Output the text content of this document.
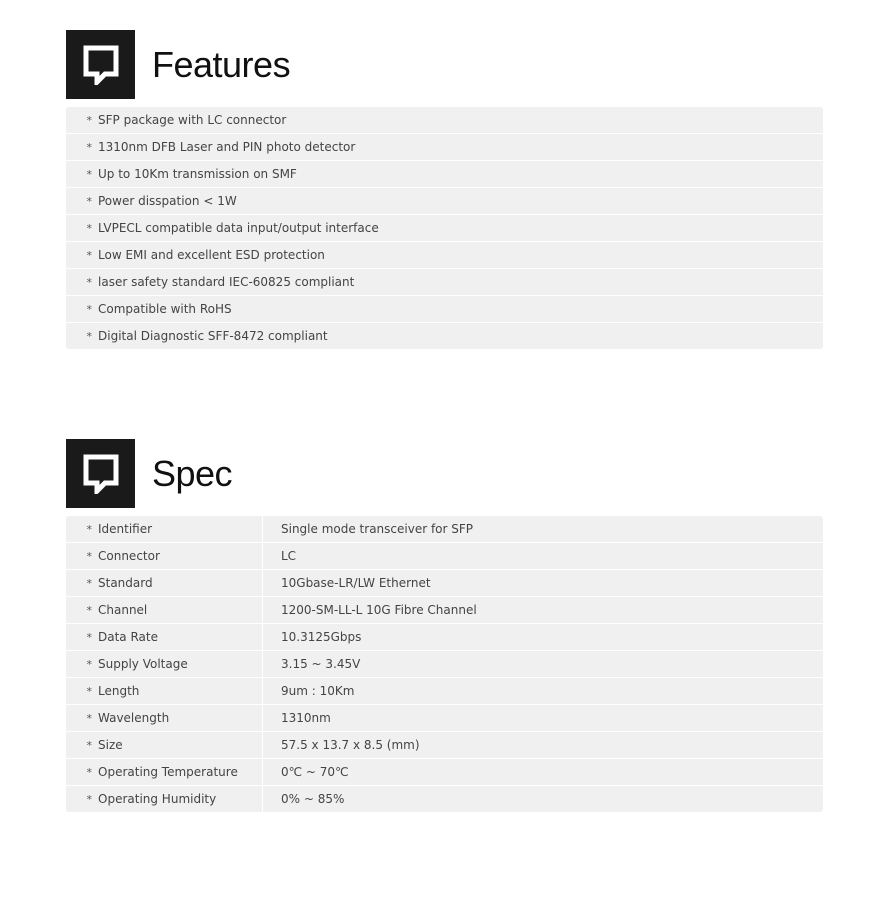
Features
* SFP package with LC connector
* 1310nm DFB Laser and PIN photo detector
* Up to 10Km transmission on SMF
* Power disspation < 1W
* LVPECL compatible data input/output interface
* Low EMI and excellent ESD protection
* laser safety standard IEC-60825 compliant
* Compatible with RoHS
* Digital Diagnostic SFF-8472 compliant
Spec
* Identifier	Single mode transceiver for SFP
* Connector	LC
* Standard	10Gbase-LR/LW Ethernet
* Channel	1200-SM-LL-L 10G Fibre Channel
* Data Rate	10.3125Gbps
* Supply Voltage	3.15 ~ 3.45V
* Length	9um : 10Km
* Wavelength	1310nm
* Size	57.5 x 13.7 x 8.5 (mm)
* Operating Temperature	0℃ ~ 70℃
* Operating Humidity	0% ~ 85%
